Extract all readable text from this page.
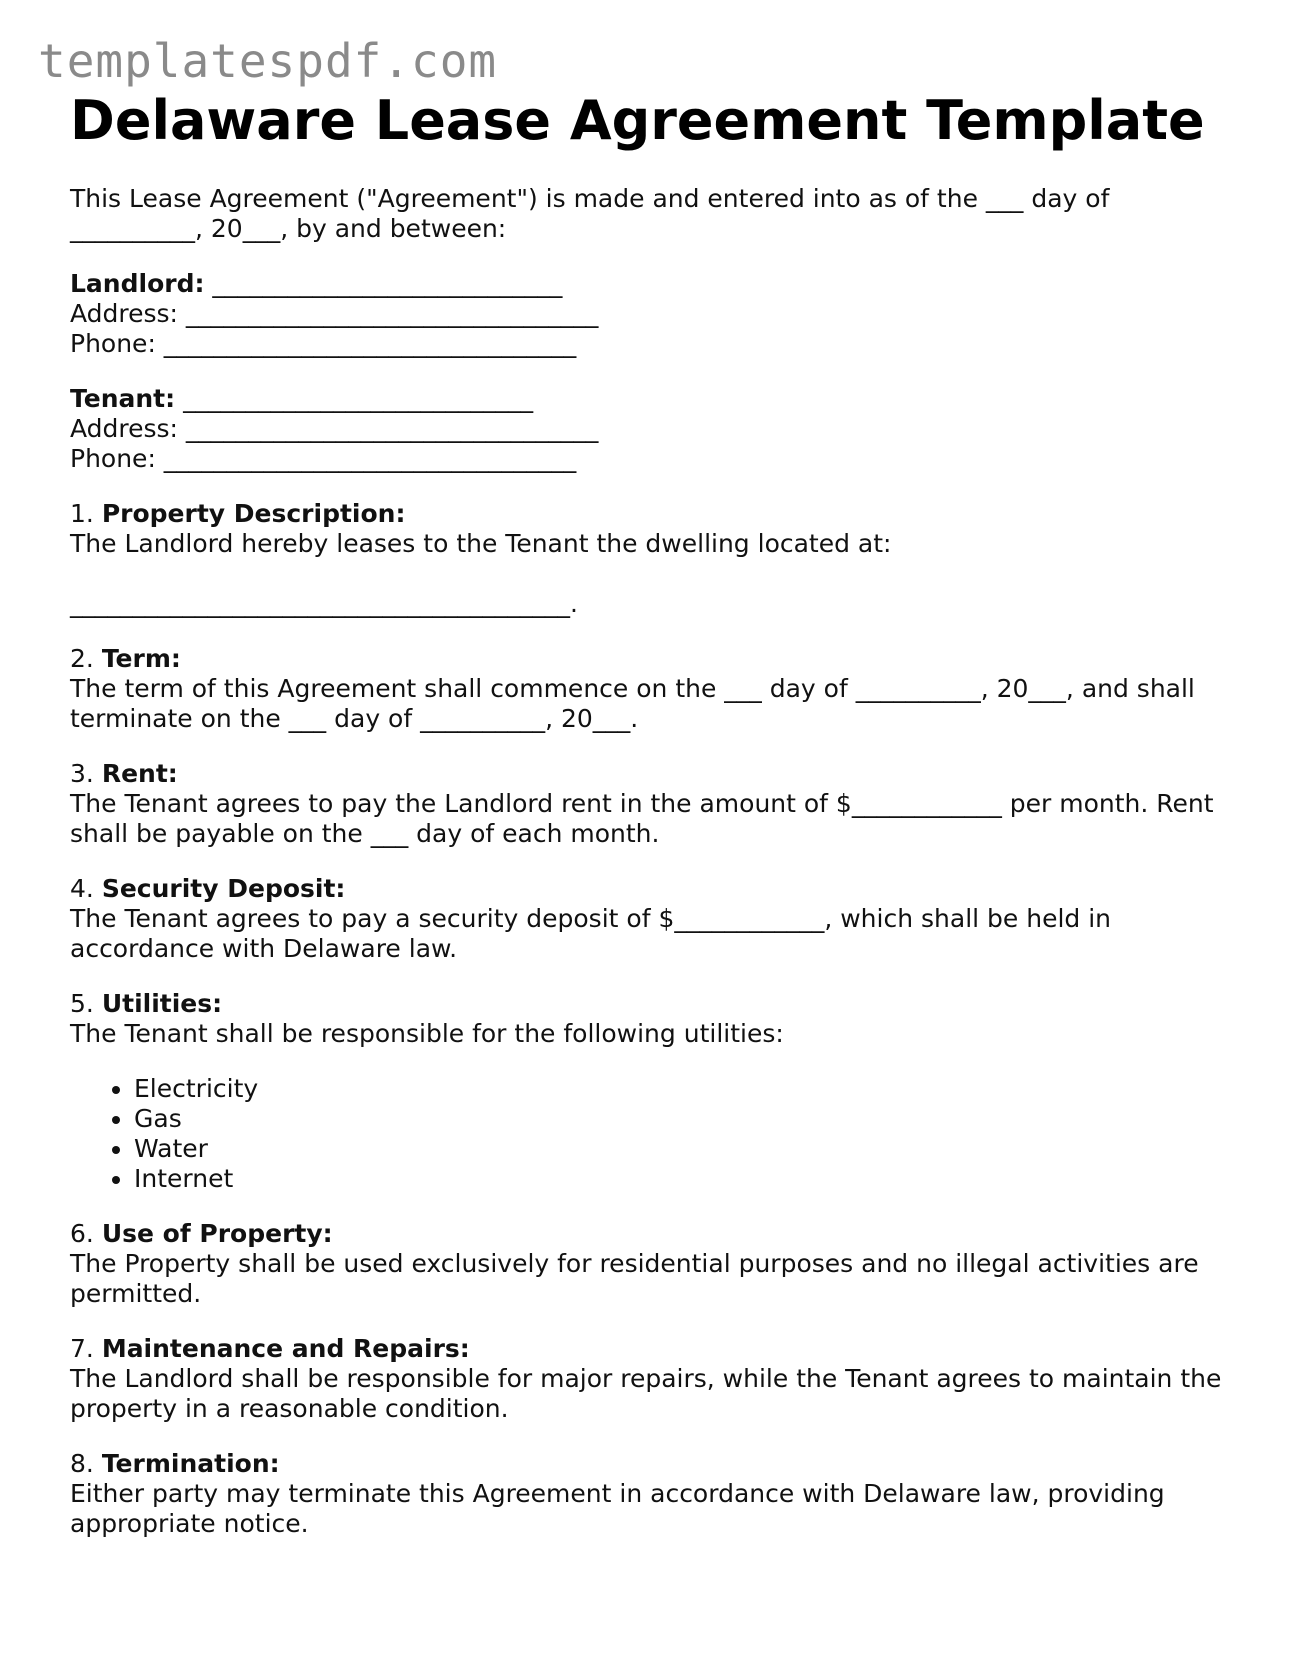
templatespdf.com
Delaware Lease Agreement Template

This Lease Agreement ("Agreement") is made and entered into as of the ___ day of __________, 20___, by and between:

Landlord: ____________________________
Address: _________________________________
Phone: _________________________________
Tenant: ____________________________
Address: _________________________________
Phone: _________________________________
1. Property Description:
The Landlord hereby leases to the Tenant the dwelling located at:
________________________________________.
2. Term:
The term of this Agreement shall commence on the ___ day of __________, 20___, and shall terminate on the ___ day of __________, 20___.
3. Rent:
The Tenant agrees to pay the Landlord rent in the amount of $____________ per month. Rent shall be payable on the ___ day of each month.
4. Security Deposit:
The Tenant agrees to pay a security deposit of $____________, which shall be held in accordance with Delaware law.
5. Utilities:
The Tenant shall be responsible for the following utilities:
• Electricity
• Gas
• Water
• Internet
6. Use of Property:
The Property shall be used exclusively for residential purposes and no illegal activities are permitted.
7. Maintenance and Repairs:
The Landlord shall be responsible for major repairs, while the Tenant agrees to maintain the property in a reasonable condition.
8. Termination:
Either party may terminate this Agreement in accordance with Delaware law, providing appropriate notice.
